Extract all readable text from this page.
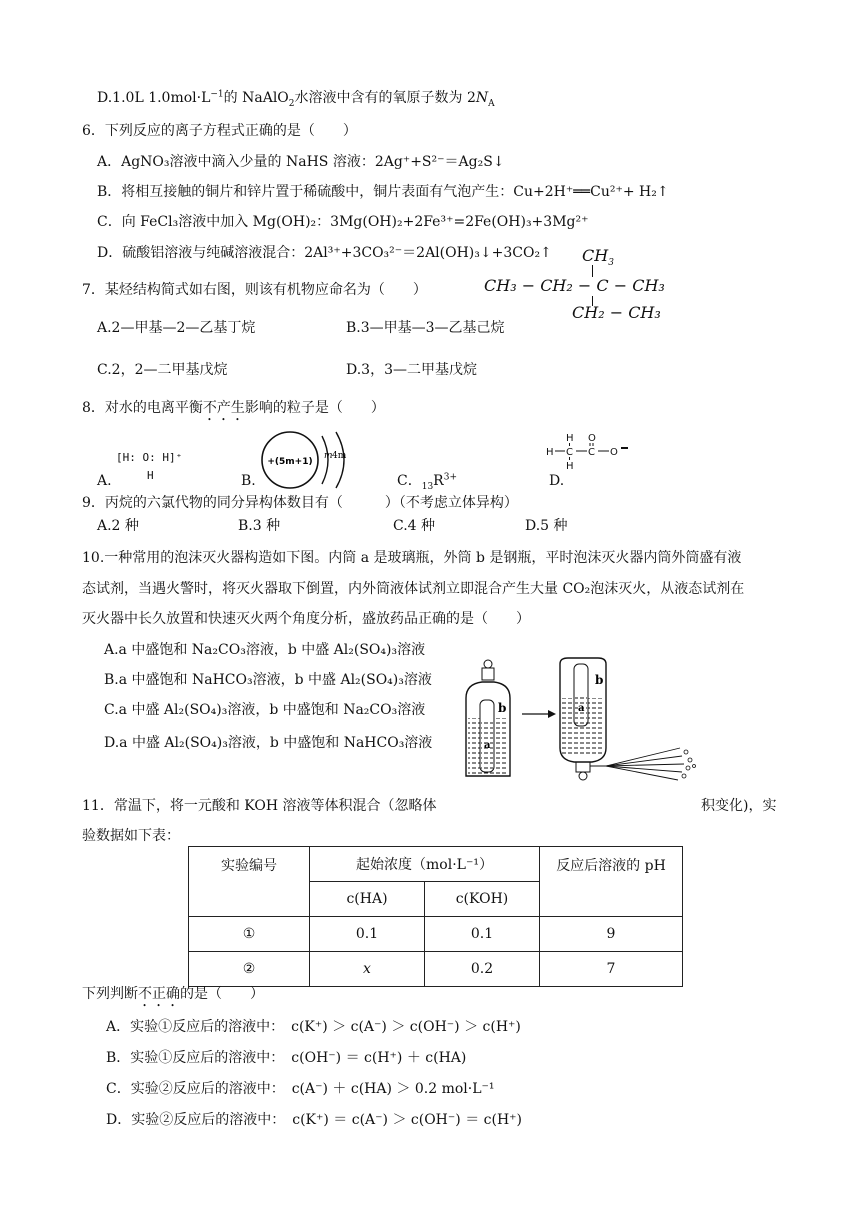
D.1.0L $1.0mol\cdot L^{-1}$的 NaAlO$_2$水溶液中含有的氧原子数为 $2N_A$
6．下列反应的离子方程式正确的是（　　）
A．AgNO₃溶液中滴入少量的 NaHS 溶液：2Ag⁺+S²⁻＝Ag₂S↓
B．将相互接触的铜片和锌片置于稀硫酸中，铜片表面有气泡产生：Cu+2H⁺══Cu²⁺+ H₂↑
C．向 FeCl₃溶液中加入 Mg(OH)₂：3Mg(OH)₂+2Fe³⁺=2Fe(OH)₃+3Mg²⁺
D．硫酸铝溶液与纯碱溶液混合：2Al³⁺+3CO₃²⁻＝2Al(OH)₃↓+3CO₂↑
7．某烃结构简式如右图，则该有机物应命名为（　　）
$CH_3$
CH₃ − CH₂ − C − CH₃
CH₂ − CH₃
A.2—甲基—2—乙基丁烷	B.3—甲基—3—乙基己烷
C.2，2—二甲基戊烷	D.3，3—二甲基戊烷
8．对水的电离平衡不产生影响的粒子是（　　）
A.
[H: O: H]⁺
H	B.
+(5m+1)
m 4m
C．$_{13}R^{3+}$	D.
H
H C
H
C
O
O
9．丙烷的六氯代物的同分异构体数目有（　　　）（不考虑立体异构）
A.2 种	B.3 种	C.4 种	D.5 种
10.一种常用的泡沫灭火器构造如下图。内筒 a 是玻璃瓶，外筒 b 是钢瓶，平时泡沫灭火器内筒外筒盛有液
态试剂，当遇火警时，将灭火器取下倒置，内外筒液体试剂立即混合产生大量 CO₂泡沫灭火，从液态试剂在
灭火器中长久放置和快速灭火两个角度分析，盛放药品正确的是（　　）
A.a 中盛饱和 Na₂CO₃溶液，b 中盛 Al₂(SO₄)₃溶液
B.a 中盛饱和 NaHCO₃溶液，b 中盛 Al₂(SO₄)₃溶液
C.a 中盛 Al₂(SO₄)₃溶液，b 中盛饱和 Na₂CO₃溶液
D.a 中盛 Al₂(SO₄)₃溶液，b 中盛饱和 NaHCO₃溶液	a
b	a
b
11．常温下，将一元酸和 KOH 溶液等体积混合（忽略体	积变化)，实
验数据如下表：
实验编号	起始浓度（mol·L⁻¹）		反应后溶液的 pH
	c(HA)	c(KOH)	
①	0.1	0.1	9
②	x	0.2	7
下列判断不正确的是（　　）
A．实验①反应后的溶液中：　c(K⁺) ＞ c(A⁻) ＞ c(OH⁻) ＞ c(H⁺)
B．实验①反应后的溶液中：　c(OH⁻) ＝ c(H⁺) ＋ c(HA)
C．实验②反应后的溶液中：　c(A⁻) ＋ c(HA) ＞ 0.2 mol·L⁻¹
D．实验②反应后的溶液中：　c(K⁺) ＝ c(A⁻) ＞ c(OH⁻) ＝ c(H⁺)
